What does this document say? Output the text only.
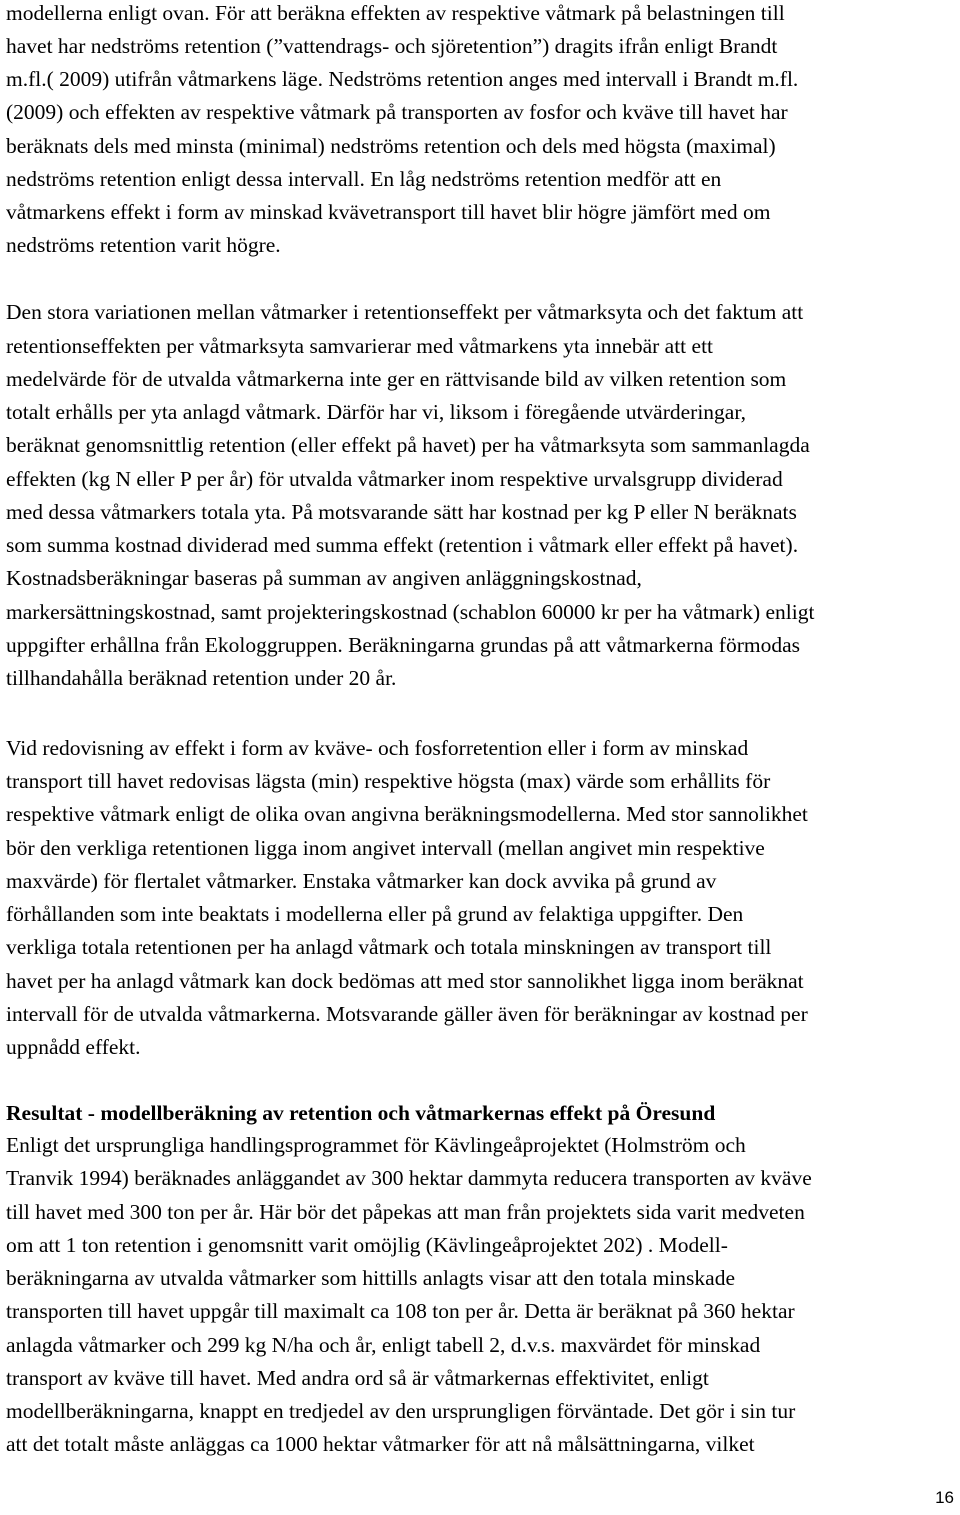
modellerna enligt ovan. För att beräkna effekten av respektive våtmark på belastningen till
havet har nedströms retention (”vattendrags- och sjöretention”) dragits ifrån enligt Brandt
m.fl.( 2009) utifrån våtmarkens läge. Nedströms retention anges med intervall i Brandt m.fl.
(2009) och effekten av respektive våtmark på transporten av fosfor och kväve till havet har
beräknats dels med minsta (minimal) nedströms retention och dels med högsta (maximal)
nedströms retention enligt dessa intervall. En låg nedströms retention medför att en
våtmarkens effekt i form av minskad kvävetransport till havet blir högre jämfört med om
nedströms retention varit högre.
Den stora variationen mellan våtmarker i retentionseffekt per våtmarksyta och det faktum att
retentionseffekten per våtmarksyta samvarierar med våtmarkens yta innebär att ett
medelvärde för de utvalda våtmarkerna inte ger en rättvisande bild av vilken retention som
totalt erhålls per yta anlagd våtmark. Därför har vi, liksom i föregående utvärderingar,
beräknat genomsnittlig retention (eller effekt på havet) per ha våtmarksyta som sammanlagda
effekten (kg N eller P per år) för utvalda våtmarker inom respektive urvalsgrupp dividerad
med dessa våtmarkers totala yta. På motsvarande sätt har kostnad per kg P eller N beräknats
som summa kostnad dividerad med summa effekt (retention i våtmark eller effekt på havet).
Kostnadsberäkningar baseras på summan av angiven anläggningskostnad,
markersättningskostnad, samt projekteringskostnad (schablon 60000 kr per ha våtmark) enligt
uppgifter erhållna från Ekologgruppen. Beräkningarna grundas på att våtmarkerna förmodas
tillhandahålla beräknad retention under 20 år.
Vid redovisning av effekt i form av kväve- och fosforretention eller i form av minskad
transport till havet redovisas lägsta (min) respektive högsta (max) värde som erhållits för
respektive våtmark enligt de olika ovan angivna beräkningsmodellerna. Med stor sannolikhet
bör den verkliga retentionen ligga inom angivet intervall (mellan angivet min respektive
maxvärde) för flertalet våtmarker. Enstaka våtmarker kan dock avvika på grund av
förhållanden som inte beaktats i modellerna eller på grund av felaktiga uppgifter. Den
verkliga totala retentionen per ha anlagd våtmark och totala minskningen av transport till
havet per ha anlagd våtmark kan dock bedömas att med stor sannolikhet ligga inom beräknat
intervall för de utvalda våtmarkerna. Motsvarande gäller även för beräkningar av kostnad per
uppnådd effekt.
Resultat - modellberäkning av retention och våtmarkernas effekt på Öresund
Enligt det ursprungliga handlingsprogrammet för Kävlingeåprojektet (Holmström och
Tranvik 1994) beräknades anläggandet av 300 hektar dammyta reducera transporten av kväve
till havet med 300 ton per år. Här bör det påpekas att man från projektets sida varit medveten
om att 1 ton retention i genomsnitt varit omöjlig (Kävlingeåprojektet 202) . Modell-
beräkningarna av utvalda våtmarker som hittills anlagts visar att den totala minskade
transporten till havet uppgår till maximalt ca 108 ton per år. Detta är beräknat på 360 hektar
anlagda våtmarker och 299 kg N/ha och år, enligt tabell 2, d.v.s. maxvärdet för minskad
transport av kväve till havet. Med andra ord så är våtmarkernas effektivitet, enligt
modellberäkningarna, knappt en tredjedel av den ursprungligen förväntade. Det gör i sin tur
att det totalt måste anläggas ca 1000 hektar våtmarker för att nå målsättningarna, vilket
16
